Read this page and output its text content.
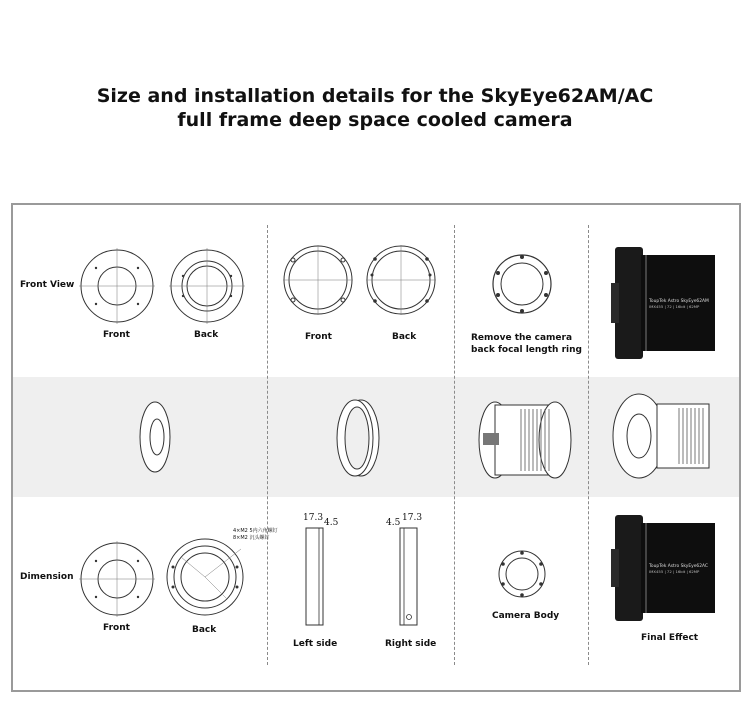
Size and installation details for the SkyEye62AM/AC
full frame deep space cooled camera
Front View
Dimension
Front	Back	Front	Back	Remove the camera
back focal length ring
ToupTek Astro SkyEye62AM
IMX455 | 72 | 16bit | 62MP
Front
4×M2 5内六角螺钉
8×M2 沉头螺钉
Back
17.3 4.5
Left side
4.5 17.3
Right side
Camera Body
ToupTek Astro SkyEye62AC
IMX455 | 72 | 16bit | 62MP
Final Effect
